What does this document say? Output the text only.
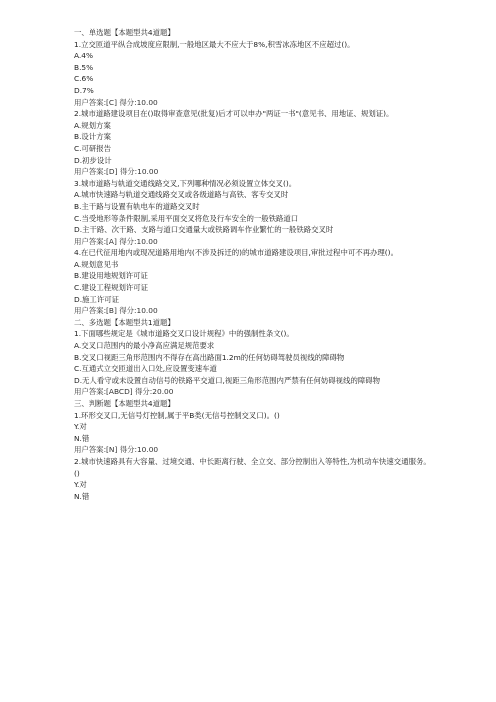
一、单选题【本题型共4道题】
1.立交匝道平纵合成坡度应限制,一般地区最大不应大于8%,积雪冰冻地区不应超过()。
A.4%
B.5%
C.6%
D.7%
用户答案:[C] 得分:10.00
2.城市道路建设项目在()取得审查意见(批复)后才可以申办"两证一书"(意见书、用地证、规划证)。
A.规划方案
B.设计方案
C.可研报告
D.初步设计
用户答案:[D] 得分:10.00
3.城市道路与轨道交通线路交叉,下列哪种情况必须设置立体交叉()。
A.城市快速路与轨道交通线路交叉或各级道路与高铁、客专交叉时
B.主干路与设置有轨电车的道路交叉时
C.当受地形等条件限制,采用平面交叉将危及行车安全的一般铁路道口
D.主干路、次干路、支路与道口交通量大或铁路调车作业繁忙的一般铁路交叉时
用户答案:[A] 得分:10.00
4.在已代征用地内或现况道路用地内(不涉及拆迁的)的城市道路建设项目,审批过程中可不再办理()。
A.规划意见书
B.建设用地规划许可证
C.建设工程规划许可证
D.施工许可证
用户答案:[B] 得分:10.00
二、多选题【本题型共1道题】
1.下面哪些规定是《城市道路交叉口设计规程》中的强制性条文()。
A.交叉口范围内的最小净高应满足规范要求
B.交叉口视距三角形范围内不得存在高出路面1.2m的任何妨碍驾驶员视线的障碍物
C.互通式立交匝道出入口处,应设置变速车道
D.无人看守或未设置自动信号的铁路平交道口,视距三角形范围内严禁有任何妨碍视线的障碍物
用户答案:[ABCD] 得分:20.00
三、判断题【本题型共4道题】
1.环形交叉口,无信号灯控制,属于平B类(无信号控制交叉口)。()
Y.对
N.错
用户答案:[N] 得分:10.00
2.城市快速路具有大容量、过境交通、中长距离行驶、全立交、部分控制出入等特性,为机动车快速交通服务。()
Y.对
N.错
